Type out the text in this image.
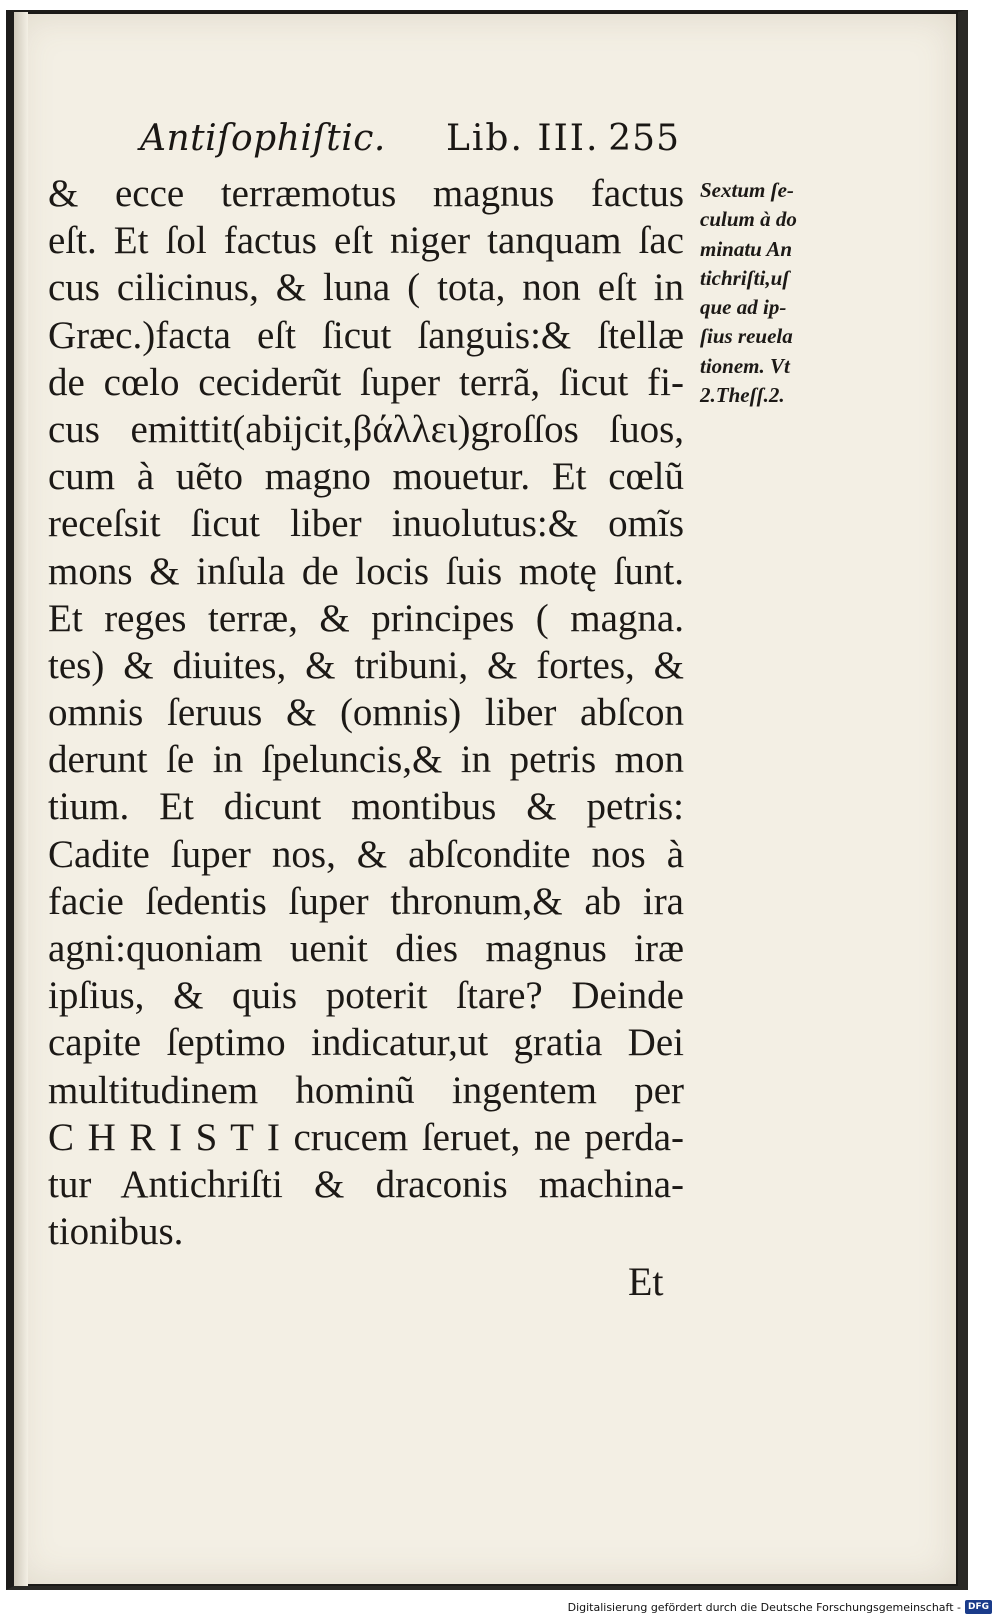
Antiſophiſtic. Lib. III. 255
& ecce terræmotus magnus factus
eſt. Et ſol factus eſt niger tanquam ſac
cus cilicinus, & luna ( tota, non eſt in
Græc.)facta eſt ſicut ſanguis:& ſtellæ
de cœlo ceciderũt ſuper terrã, ſicut fi-
cus emittit(abijcit,βάλλει)groſſos ſuos,
cum à uẽto magno mouetur. Et cœlũ
receſsit ſicut liber inuolutus:& omĩs
mons & inſula de locis ſuis motę ſunt.
Et reges terræ, & principes ( magna.
tes) & diuites, & tribuni, & fortes, &
omnis ſeruus & (omnis) liber abſcon
derunt ſe in ſpeluncis,& in petris mon
tium. Et dicunt montibus & petris:
Cadite ſuper nos, & abſcondite nos à
facie ſedentis ſuper thronum,& ab ira
agni:quoniam uenit dies magnus iræ
ipſius, & quis poterit ſtare? Deinde
capite ſeptimo indicatur,ut gratia Dei
multitudinem hominũ ingentem per
C H R I S T I crucem ſeruet, ne perda-
tur Antichriſti & draconis machina-
tionibus.
Sextum ſe-
culum à do
minatu An
tichriſti,uſ
que ad ip-
ſius reuela
tionem. Vt
2.Theſſ.2.
Et
Digitalisierung gefördert durch die Deutsche Forschungsgemeinschaft - DFG
